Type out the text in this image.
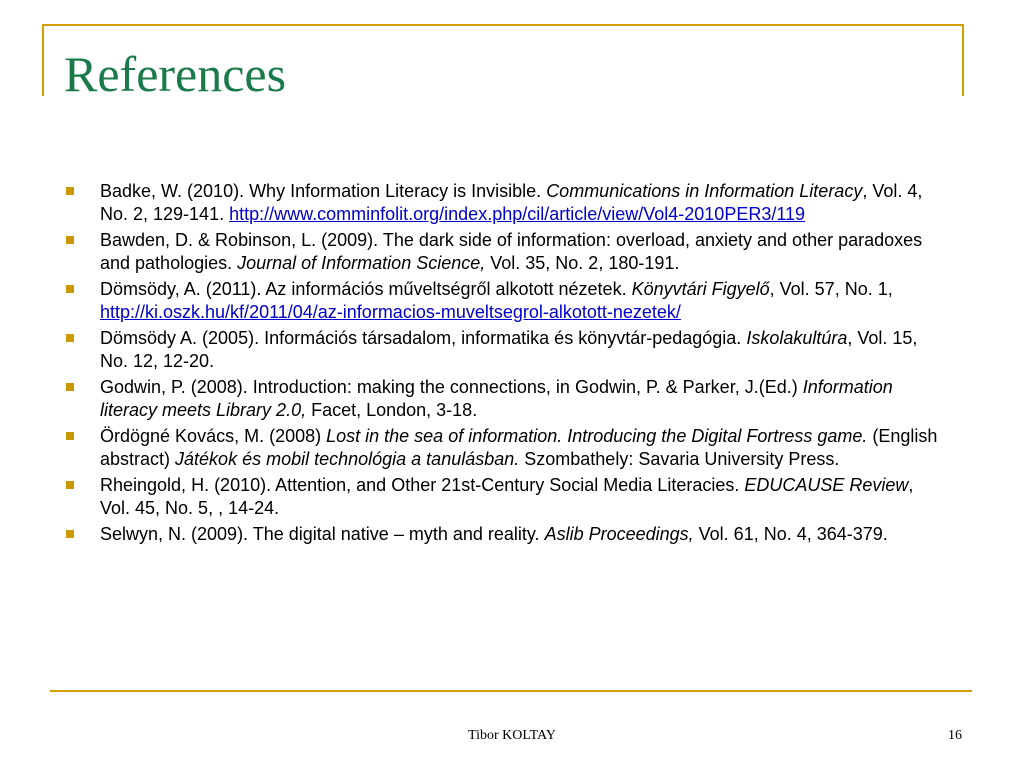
References
Badke, W. (2010). Why Information Literacy is Invisible. Communications in Information Literacy, Vol. 4, No. 2, 129-141. http://www.comminfolit.org/index.php/cil/article/view/Vol4-2010PER3/119
Bawden, D. & Robinson, L. (2009). The dark side of information: overload, anxiety and other paradoxes and pathologies. Journal of Information Science, Vol. 35, No. 2, 180-191.
Dömsödy, A. (2011). Az információs műveltségről alkotott nézetek. Könyvtári Figyelő, Vol. 57, No. 1, http://ki.oszk.hu/kf/2011/04/az-informacios-muveltsegrol-alkotott-nezetek/
Dömsödy A. (2005). Információs társadalom, informatika és könyvtár-pedagógia. Iskolakultúra, Vol. 15, No. 12, 12-20.
Godwin, P. (2008). Introduction: making the connections, in Godwin, P. & Parker, J.(Ed.) Information literacy meets Library 2.0, Facet, London, 3-18.
Ördögné Kovács, M. (2008) Lost in the sea of information. Introducing the Digital Fortress game. (English abstract) Játékok és mobil technológia a tanulásban. Szombathely: Savaria University Press.
Rheingold, H. (2010). Attention, and Other 21st-Century Social Media Literacies. EDUCAUSE Review, Vol. 45, No. 5, , 14-24.
Selwyn, N. (2009). The digital native – myth and reality. Aslib Proceedings, Vol. 61, No. 4, 364-379.
Tibor KOLTAY	16
